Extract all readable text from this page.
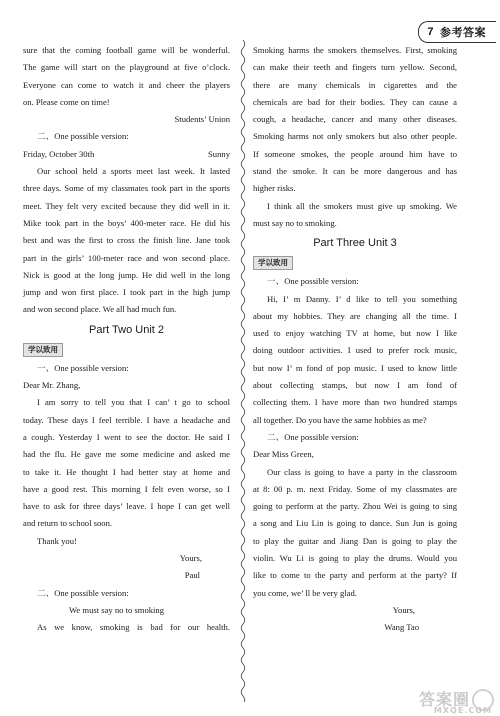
7 参考答案

sure that the coming football game will be wonderful.

The game will start on the playground at five o’clock.

Everyone can come to watch it and cheer the players

on. Please come on time!

Students’ Union

二、One possible version:

Friday, October 30th	Sunny

Our school held a sports meet last week. It lasted

three days. Some of my classmates took part in the sports

meet. They felt very excited because they did well in it.

Mike took part in the boys’ 400-meter race. He did his

best and was the first to cross the finish line. Jane took

part in the girls’ 100-meter race and won second place.

Nick is good at the long jump. He did well in the long

jump and won first place. I took part in the high jump

and won second place. We all had much fun.

Part Two Unit 2

学以致用

一、One possible version:

Dear Mr. Zhang,

I am sorry to tell you that I can’ t go to school

today. These days I feel terrible. I have a headache and

a cough. Yesterday I went to see the doctor. He said I

had the flu. He gave me some medicine and asked me

to take it. He thought I had better stay at home and

have a good rest. This morning I felt even worse, so I

have to ask for three days’ leave. I hope I can get well

and return to school soon.

Thank you!

Yours,

Paul

二、One possible version:

We must say no to smoking

As we know, smoking is bad for our health.

Smoking harms the smokers themselves. First, smoking

can make their teeth and fingers turn yellow. Second,

there are many chemicals in cigarettes and the

chemicals are bad for their bodies. They can cause a

cough, a headache, cancer and many other diseases.

Smoking harms not only smokers but also other people.

If someone smokes, the people around him have to

stand the smoke. It can be more dangerous and has

higher risks.

I think all the smokers must give up smoking. We

must say no to smoking.

Part Three Unit 3

学以致用

一、One possible version:

Hi, I’ m Danny. I’ d like to tell you something

about my hobbies. They are changing all the time. I

used to enjoy watching TV at home, but now I like

doing outdoor activities. I used to prefer rock music,

but now I’ m fond of pop music. I used to know little

about collecting stamps, but now I am fond of

collecting them. I have more than two hundred stamps

all together. Do you have the same hobbies as me?

二、One possible version:

Dear Miss Green,

Our class is going to have a party in the classroom

at 8: 00 p. m. next Friday. Some of my classmates are

going to perform at the party. Zhou Wei is going to sing

a song and Liu Lin is going to dance. Sun Jun is going

to play the guitar and Jiang Dan is going to play the

violin. Wu Li is going to play the drums. Would you

like to come to the party and perform at the party? If

you come, we’ ll be very glad.

Yours,

Wang Tao

答案圈
MXQE.COM
